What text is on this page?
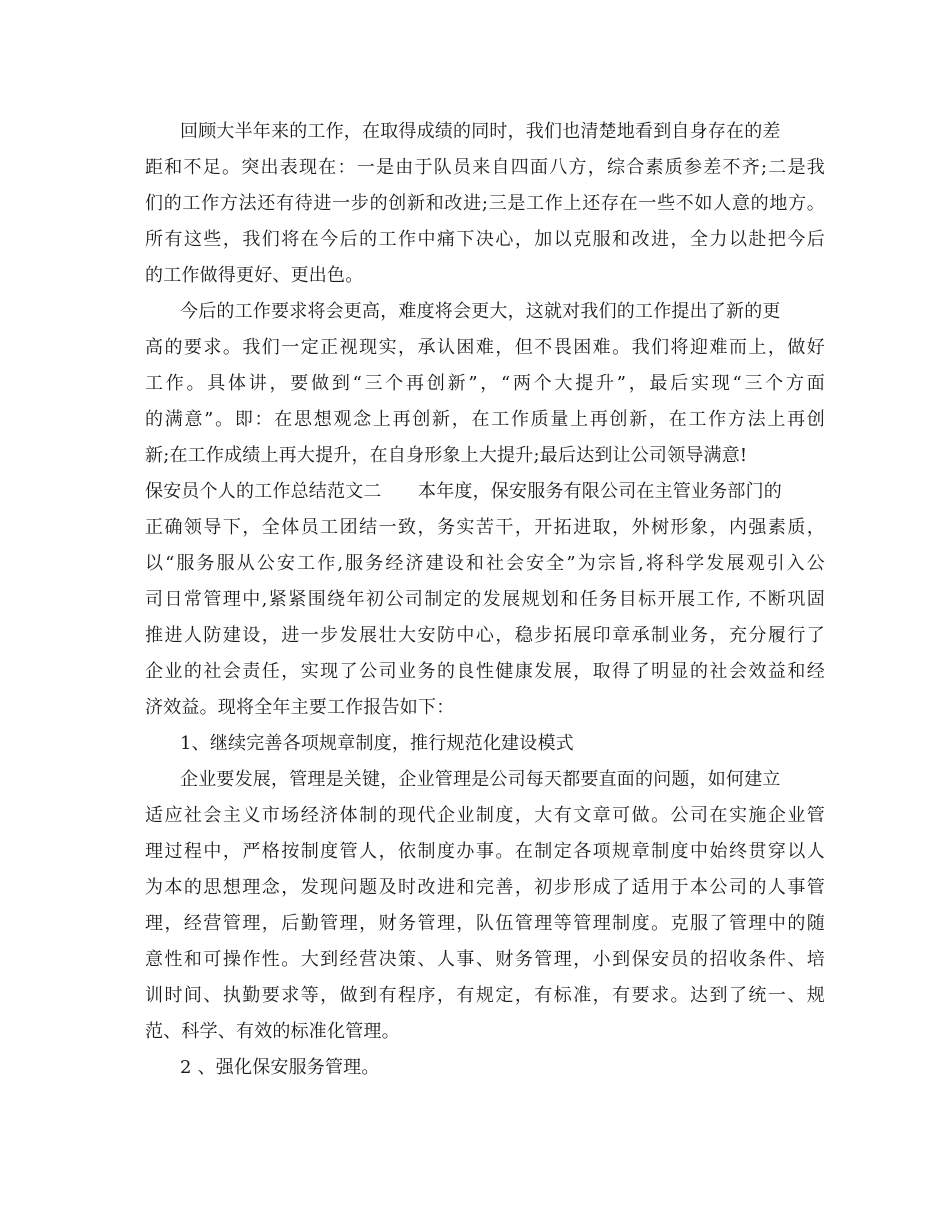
回顾大半年来的工作，在取得成绩的同时，我们也清楚地看到自身存在的差
距和不足。突出表现在：一是由于队员来自四面八方，综合素质参差不齐;二是我
们的工作方法还有待进一步的创新和改进;三是工作上还存在一些不如人意的地方。
所有这些，我们将在今后的工作中痛下决心，加以克服和改进，全力以赴把今后
的工作做得更好、更出色。
今后的工作要求将会更高，难度将会更大，这就对我们的工作提出了新的更
高的要求。我们一定正视现实，承认困难，但不畏困难。我们将迎难而上，做好
工作。具体讲，要做到“三个再创新”，“两个大提升”，最后实现“三个方面
的满意”。即：在思想观念上再创新，在工作质量上再创新，在工作方法上再创
新;在工作成绩上再大提升，在自身形象上大提升;最后达到让公司领导满意!
保安员个人的工作总结范文二　　本年度，保安服务有限公司在主管业务部门的
正确领导下，全体员工团结一致，务实苦干，开拓进取，外树形象，内强素质，
以“服务服从公安工作,服务经济建设和社会安全”为宗旨,将科学发展观引入公
司日常管理中,紧紧围绕年初公司制定的发展规划和任务目标开展工作, 不断巩固
推进人防建设，进一步发展壮大安防中心，稳步拓展印章承制业务，充分履行了
企业的社会责任，实现了公司业务的良性健康发展，取得了明显的社会效益和经
济效益。现将全年主要工作报告如下：
1、继续完善各项规章制度，推行规范化建设模式
企业要发展，管理是关键，企业管理是公司每天都要直面的问题，如何建立
适应社会主义市场经济体制的现代企业制度，大有文章可做。公司在实施企业管
理过程中，严格按制度管人，依制度办事。在制定各项规章制度中始终贯穿以人
为本的思想理念，发现问题及时改进和完善，初步形成了适用于本公司的人事管
理，经营管理，后勤管理，财务管理，队伍管理等管理制度。克服了管理中的随
意性和可操作性。大到经营决策、人事、财务管理，小到保安员的招收条件、培
训时间、执勤要求等，做到有程序，有规定，有标准，有要求。达到了统一、规
范、科学、有效的标准化管理。
2 、强化保安服务管理。
